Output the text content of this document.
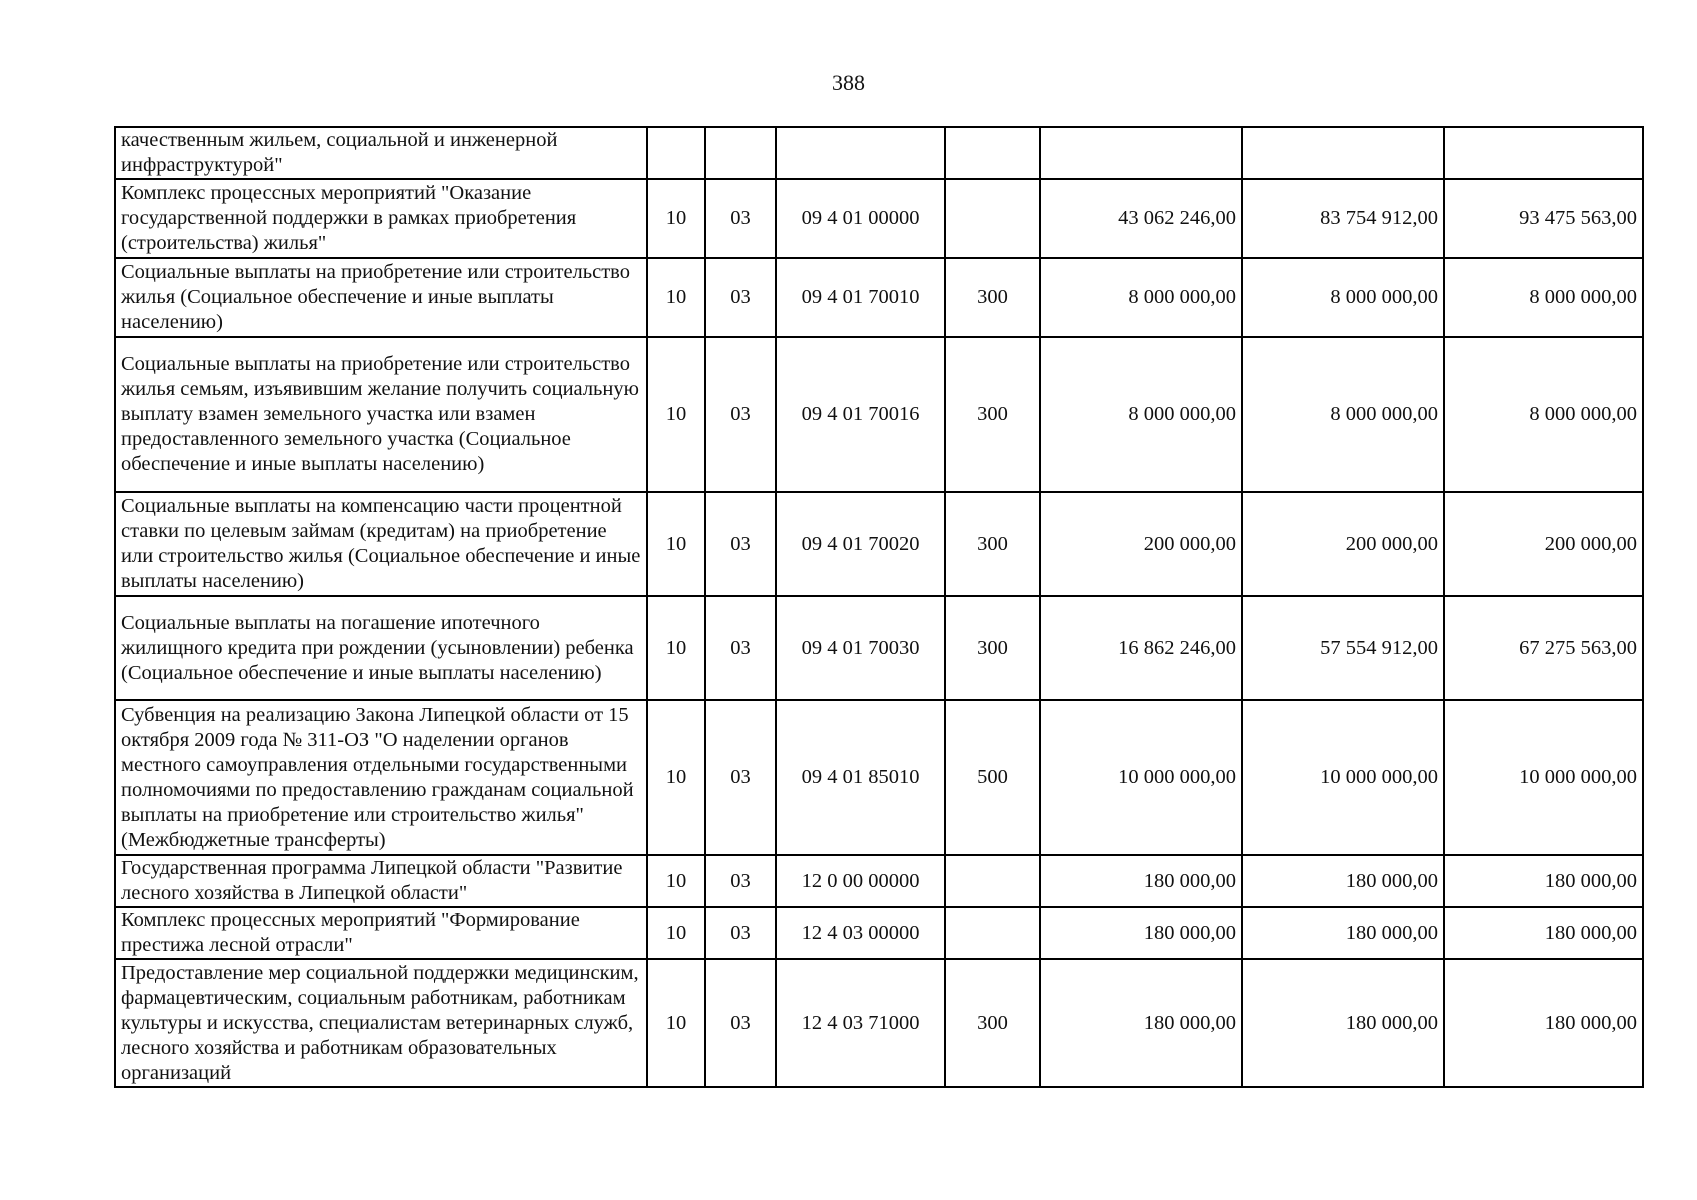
388
качественным жильем, социальной и инженерной инфраструктурой"							
Комплекс процессных мероприятий "Оказание государственной поддержки в рамках приобретения (строительства) жилья"	10	03	09 4 01 00000		43 062 246,00	83 754 912,00	93 475 563,00
Социальные выплаты на приобретение или строительство жилья (Социальное обеспечение и иные выплаты населению)	10	03	09 4 01 70010	300	8 000 000,00	8 000 000,00	8 000 000,00
Социальные выплаты на приобретение или строительство жилья семьям, изъявившим желание получить социальную выплату взамен земельного участка или взамен предоставленного земельного участка (Социальное обеспечение и иные выплаты населению)	10	03	09 4 01 70016	300	8 000 000,00	8 000 000,00	8 000 000,00
Социальные выплаты на компенсацию части процентной ставки по целевым займам (кредитам) на приобретение или строительство жилья (Социальное обеспечение и иные выплаты населению)	10	03	09 4 01 70020	300	200 000,00	200 000,00	200 000,00
Социальные выплаты на погашение ипотечного жилищного кредита при рождении (усыновлении) ребенка (Социальное обеспечение и иные выплаты населению)	10	03	09 4 01 70030	300	16 862 246,00	57 554 912,00	67 275 563,00
Субвенция на реализацию Закона Липецкой области от 15 октября 2009 года № 311-ОЗ "О наделении органов местного самоуправления отдельными государственными полномочиями по предоставлению гражданам социальной выплаты на приобретение или строительство жилья" (Межбюджетные трансферты)	10	03	09 4 01 85010	500	10 000 000,00	10 000 000,00	10 000 000,00
Государственная программа Липецкой области "Развитие лесного хозяйства в Липецкой области"	10	03	12 0 00 00000		180 000,00	180 000,00	180 000,00
Комплекс процессных мероприятий "Формирование престижа лесной отрасли"	10	03	12 4 03 00000		180 000,00	180 000,00	180 000,00
Предоставление мер социальной поддержки медицинским, фармацевтическим, социальным работникам, работникам культуры и искусства, специалистам ветеринарных служб, лесного хозяйства и работникам образовательных организаций	10	03	12 4 03 71000	300	180 000,00	180 000,00	180 000,00
